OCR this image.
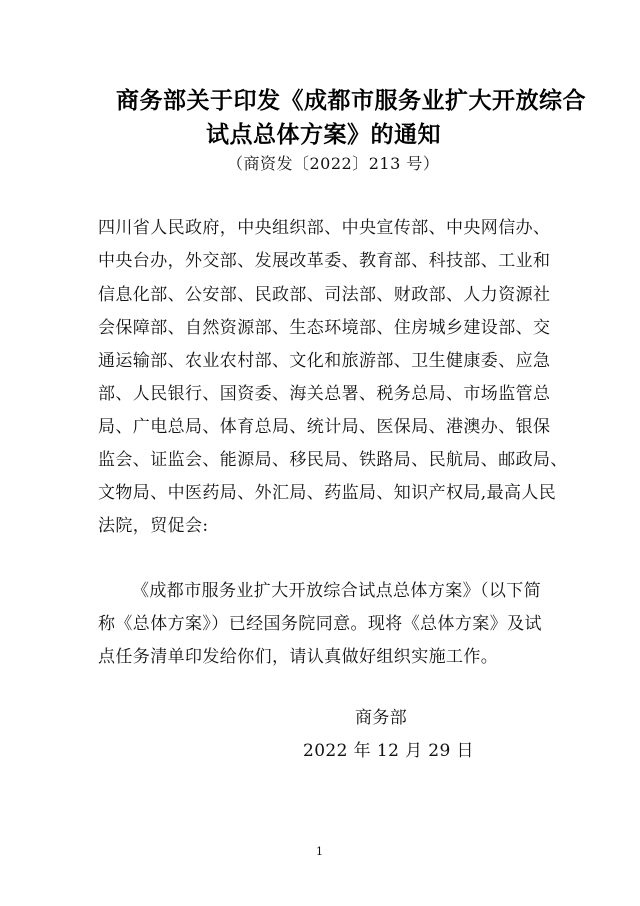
商务部关于印发《成都市服务业扩大开放综合
试点总体方案》的通知
（商资发〔2022〕213 号）
四川省人民政府，中央组织部、中央宣传部、中央网信办、
中央台办，外交部、发展改革委、教育部、科技部、工业和
信息化部、公安部、民政部、司法部、财政部、人力资源社
会保障部、自然资源部、生态环境部、住房城乡建设部、交
通运输部、农业农村部、文化和旅游部、卫生健康委、应急
部、人民银行、国资委、海关总署、税务总局、市场监管总
局、广电总局、体育总局、统计局、医保局、港澳办、银保
监会、证监会、能源局、移民局、铁路局、民航局、邮政局、
文物局、中医药局、外汇局、药监局、知识产权局,最高人民
法院，贸促会:
《成都市服务业扩大开放综合试点总体方案》（以下简
称《总体方案》）已经国务院同意。现将《总体方案》及试
点任务清单印发给你们，请认真做好组织实施工作。
商务部
2022 年 12 月 29 日
1
